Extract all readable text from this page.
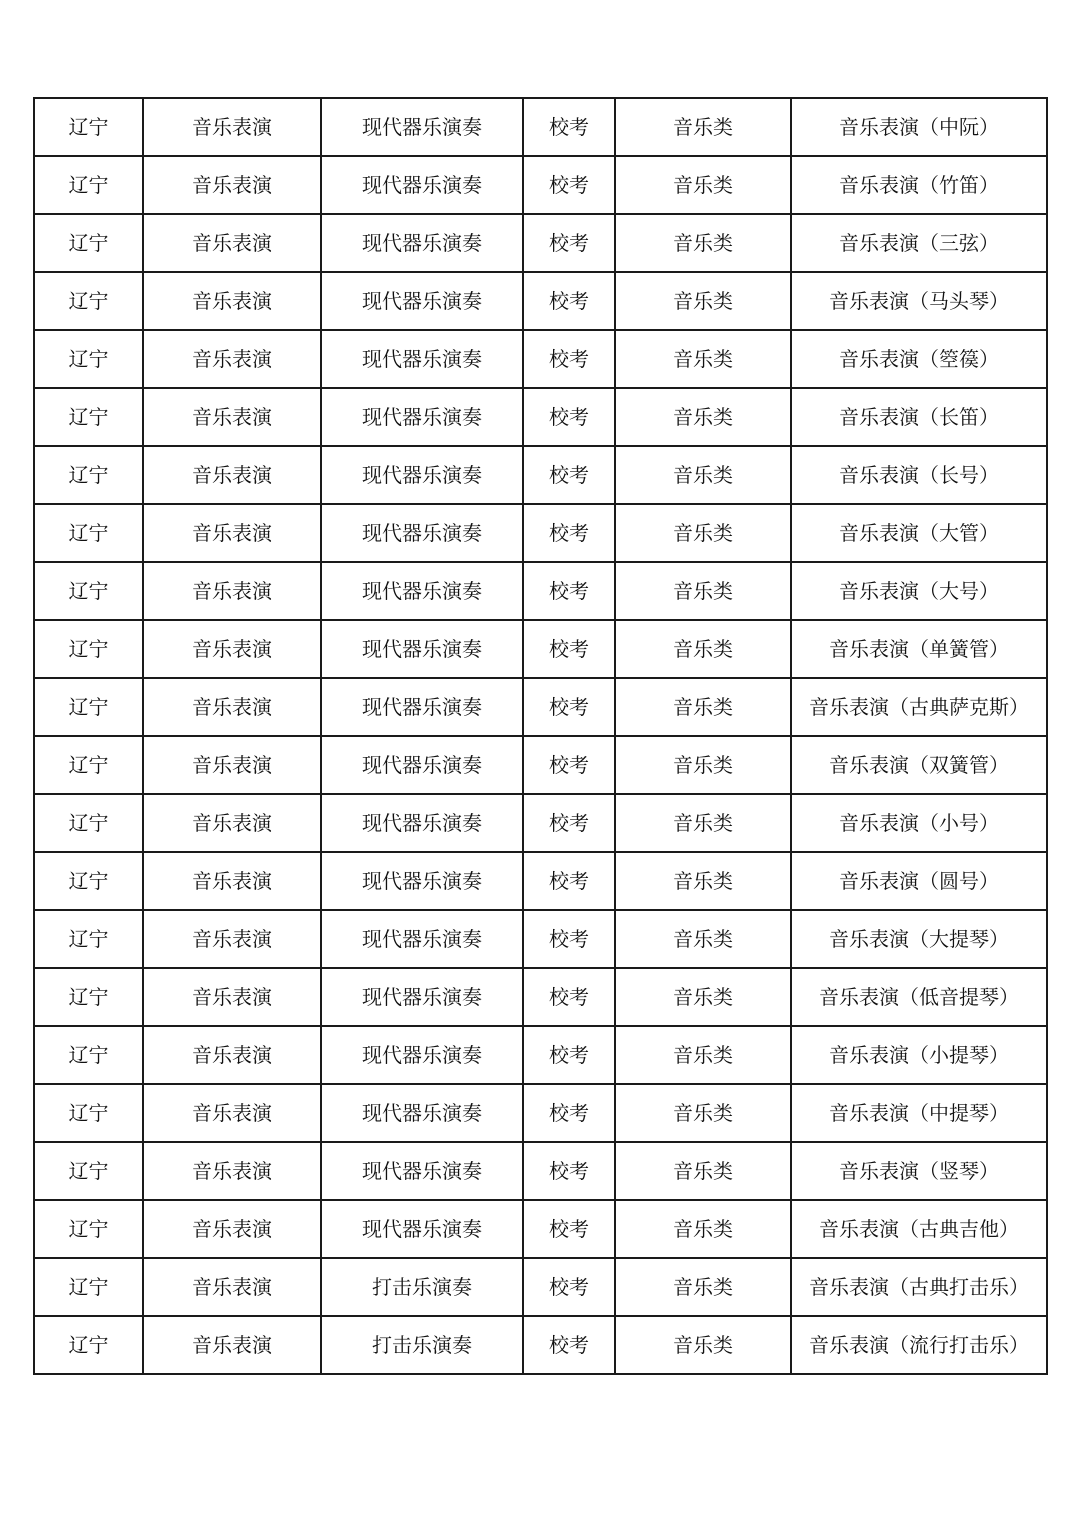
辽宁	音乐表演	现代器乐演奏	校考	音乐类	音乐表演（中阮）
辽宁	音乐表演	现代器乐演奏	校考	音乐类	音乐表演（竹笛）
辽宁	音乐表演	现代器乐演奏	校考	音乐类	音乐表演（三弦）
辽宁	音乐表演	现代器乐演奏	校考	音乐类	音乐表演（马头琴）
辽宁	音乐表演	现代器乐演奏	校考	音乐类	音乐表演（箜篌）
辽宁	音乐表演	现代器乐演奏	校考	音乐类	音乐表演（长笛）
辽宁	音乐表演	现代器乐演奏	校考	音乐类	音乐表演（长号）
辽宁	音乐表演	现代器乐演奏	校考	音乐类	音乐表演（大管）
辽宁	音乐表演	现代器乐演奏	校考	音乐类	音乐表演（大号）
辽宁	音乐表演	现代器乐演奏	校考	音乐类	音乐表演（单簧管）
辽宁	音乐表演	现代器乐演奏	校考	音乐类	音乐表演（古典萨克斯）
辽宁	音乐表演	现代器乐演奏	校考	音乐类	音乐表演（双簧管）
辽宁	音乐表演	现代器乐演奏	校考	音乐类	音乐表演（小号）
辽宁	音乐表演	现代器乐演奏	校考	音乐类	音乐表演（圆号）
辽宁	音乐表演	现代器乐演奏	校考	音乐类	音乐表演（大提琴）
辽宁	音乐表演	现代器乐演奏	校考	音乐类	音乐表演（低音提琴）
辽宁	音乐表演	现代器乐演奏	校考	音乐类	音乐表演（小提琴）
辽宁	音乐表演	现代器乐演奏	校考	音乐类	音乐表演（中提琴）
辽宁	音乐表演	现代器乐演奏	校考	音乐类	音乐表演（竖琴）
辽宁	音乐表演	现代器乐演奏	校考	音乐类	音乐表演（古典吉他）
辽宁	音乐表演	打击乐演奏	校考	音乐类	音乐表演（古典打击乐）
辽宁	音乐表演	打击乐演奏	校考	音乐类	音乐表演（流行打击乐）
